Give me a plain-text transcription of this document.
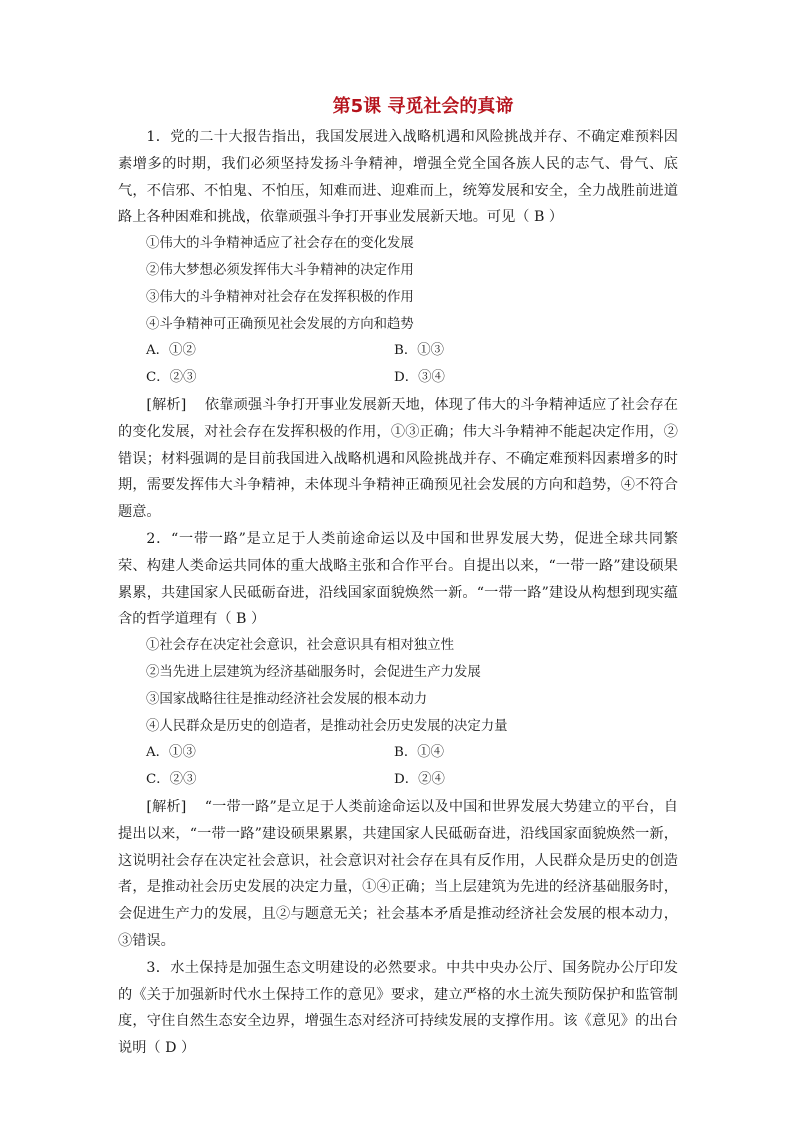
第5课 寻觅社会的真谛

1．党的二十大报告指出，我国发展进入战略机遇和风险挑战并存、不确定难预料因素增多的时期，我们必须坚持发扬斗争精神，增强全党全国各族人民的志气、骨气、底气，不信邪、不怕鬼、不怕压，知难而进、迎难而上，统筹发展和安全，全力战胜前进道路上各种困难和挑战，依靠顽强斗争打开事业发展新天地。可见（ B ）

①伟大的斗争精神适应了社会存在的变化发展

②伟大梦想必须发挥伟大斗争精神的决定作用

③伟大的斗争精神对社会存在发挥积极的作用

④斗争精神可正确预见社会发展的方向和趋势

A．①②	B．①③
C．②③	D．③④

[解析] 依靠顽强斗争打开事业发展新天地，体现了伟大的斗争精神适应了社会存在的变化发展，对社会存在发挥积极的作用，①③正确；伟大斗争精神不能起决定作用，②错误；材料强调的是目前我国进入战略机遇和风险挑战并存、不确定难预料因素增多的时期，需要发挥伟大斗争精神，未体现斗争精神正确预见社会发展的方向和趋势，④不符合题意。

2．“一带一路”是立足于人类前途命运以及中国和世界发展大势，促进全球共同繁荣、构建人类命运共同体的重大战略主张和合作平台。自提出以来，“一带一路”建设硕果累累，共建国家人民砥砺奋进，沿线国家面貌焕然一新。“一带一路”建设从构想到现实蕴含的哲学道理有（ B ）

①社会存在决定社会意识，社会意识具有相对独立性

②当先进上层建筑为经济基础服务时，会促进生产力发展

③国家战略往往是推动经济社会发展的根本动力

④人民群众是历史的创造者，是推动社会历史发展的决定力量

A．①③	B．①④
C．②③	D．②④

[解析] “一带一路”是立足于人类前途命运以及中国和世界发展大势建立的平台，自提出以来，“一带一路”建设硕果累累，共建国家人民砥砺奋进，沿线国家面貌焕然一新，这说明社会存在决定社会意识，社会意识对社会存在具有反作用，人民群众是历史的创造者，是推动社会历史发展的决定力量，①④正确；当上层建筑为先进的经济基础服务时，会促进生产力的发展，且②与题意无关；社会基本矛盾是推动经济社会发展的根本动力，③错误。

3．水土保持是加强生态文明建设的必然要求。中共中央办公厅、国务院办公厅印发的《关于加强新时代水土保持工作的意见》要求，建立严格的水土流失预防保护和监管制度，守住自然生态安全边界，增强生态对经济可持续发展的支撑作用。该《意见》的出台说明（ D ）
